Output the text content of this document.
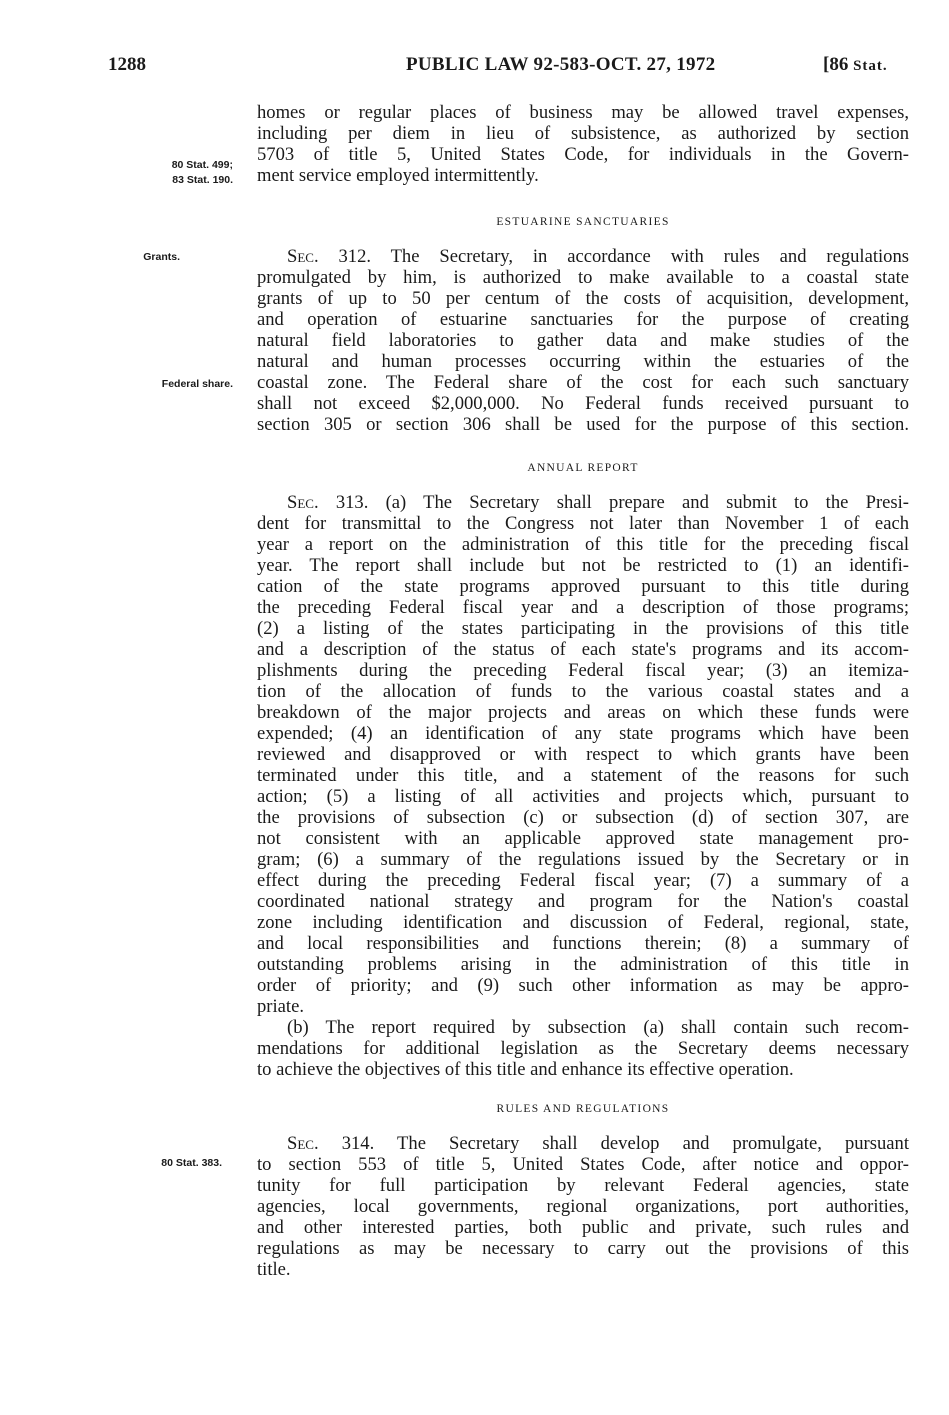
1288	PUBLIC LAW 92-583-OCT. 27, 1972	[86 Stat.
80 Stat. 499;
83 Stat. 190.
Grants.
Federal share.
80 Stat. 383.
homes or regular places of business may be allowed travel expenses,
including per diem in lieu of subsistence, as authorized by section
5703 of title 5, United States Code, for individuals in the Govern-
ment service employed intermittently.
ESTUARINE SANCTUARIES
Sec. 312. The Secretary, in accordance with rules and regulations
promulgated by him, is authorized to make available to a coastal state
grants of up to 50 per centum of the costs of acquisition, development,
and operation of estuarine sanctuaries for the purpose of creating
natural field laboratories to gather data and make studies of the
natural and human processes occurring within the estuaries of the
coastal zone. The Federal share of the cost for each such sanctuary
shall not exceed $2,000,000. No Federal funds received pursuant to
section 305 or section 306 shall be used for the purpose of this section.
ANNUAL REPORT
Sec. 313. (a) The Secretary shall prepare and submit to the Presi-
dent for transmittal to the Congress not later than November 1 of each
year a report on the administration of this title for the preceding fiscal
year. The report shall include but not be restricted to (1) an identifi-
cation of the state programs approved pursuant to this title during
the preceding Federal fiscal year and a description of those programs;
(2) a listing of the states participating in the provisions of this title
and a description of the status of each state's programs and its accom-
plishments during the preceding Federal fiscal year; (3) an itemiza-
tion of the allocation of funds to the various coastal states and a
breakdown of the major projects and areas on which these funds were
expended; (4) an identification of any state programs which have been
reviewed and disapproved or with respect to which grants have been
terminated under this title, and a statement of the reasons for such
action; (5) a listing of all activities and projects which, pursuant to
the provisions of subsection (c) or subsection (d) of section 307, are
not consistent with an applicable approved state management pro-
gram; (6) a summary of the regulations issued by the Secretary or in
effect during the preceding Federal fiscal year; (7) a summary of a
coordinated national strategy and program for the Nation's coastal
zone including identification and discussion of Federal, regional, state,
and local responsibilities and functions therein; (8) a summary of
outstanding problems arising in the administration of this title in
order of priority; and (9) such other information as may be appro-
priate.
(b) The report required by subsection (a) shall contain such recom-
mendations for additional legislation as the Secretary deems necessary
to achieve the objectives of this title and enhance its effective operation.
RULES AND REGULATIONS
Sec. 314. The Secretary shall develop and promulgate, pursuant
to section 553 of title 5, United States Code, after notice and oppor-
tunity for full participation by relevant Federal agencies, state
agencies, local governments, regional organizations, port authorities,
and other interested parties, both public and private, such rules and
regulations as may be necessary to carry out the provisions of this
title.
